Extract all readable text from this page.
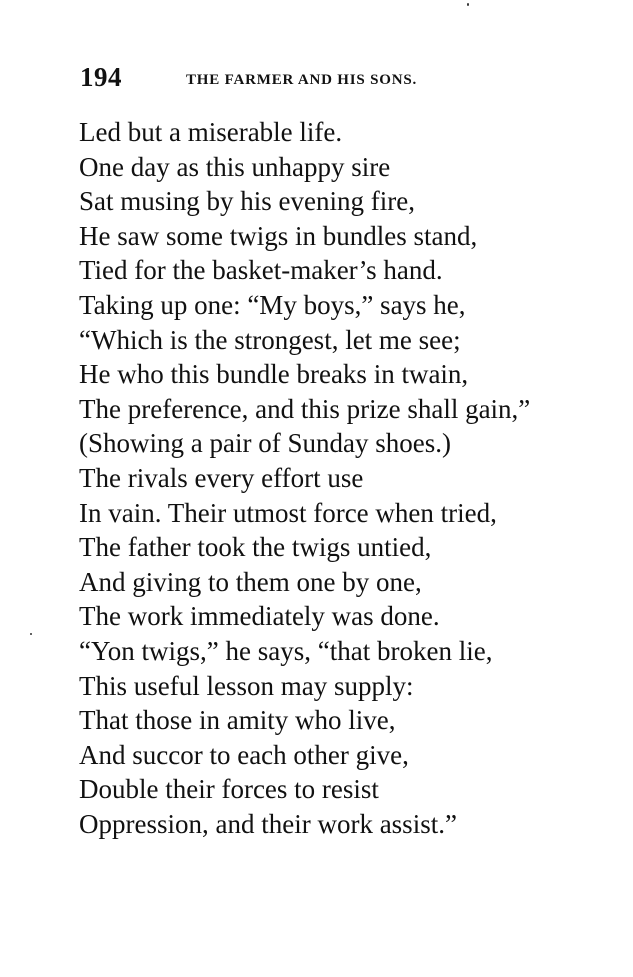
194	THE FARMER AND HIS SONS.
Led but a miserable life.
One day as this unhappy sire
Sat musing by his evening fire,
He saw some twigs in bundles stand,
Tied for the basket-maker’s hand.
Taking up one: “My boys,” says he,
“Which is the strongest, let me see;
He who this bundle breaks in twain,
The preference, and this prize shall gain,”
(Showing a pair of Sunday shoes.)
The rivals every effort use
In vain. Their utmost force when tried,
The father took the twigs untied,
And giving to them one by one,
The work immediately was done.
“Yon twigs,” he says, “that broken lie,
This useful lesson may supply:
That those in amity who live,
And succor to each other give,
Double their forces to resist
Oppression, and their work assist.”
